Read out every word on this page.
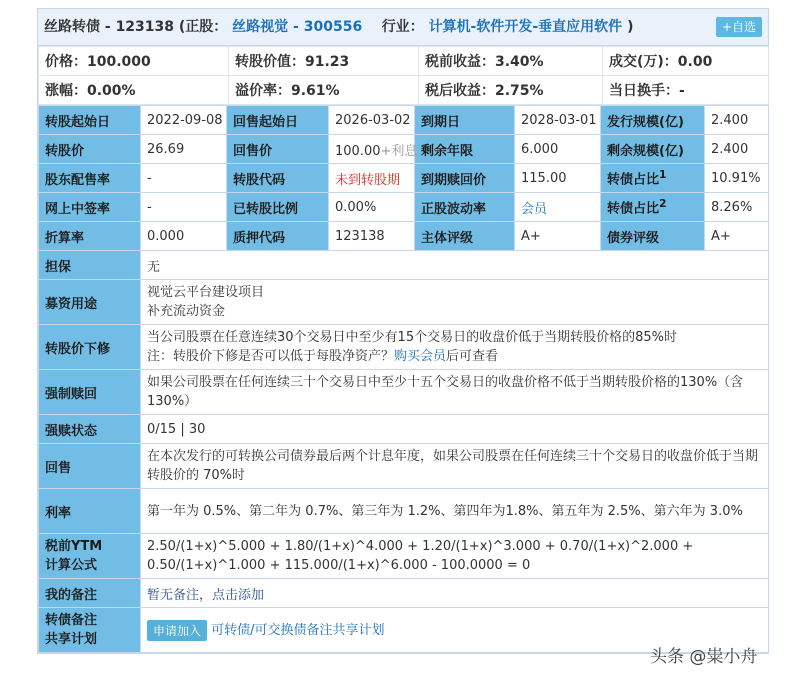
丝路转债 - 123138 (正股： 丝路视觉 - 300556 行业： 计算机-软件开发-垂直应用软件 )	+自选
价格：100.000	转股价值：91.23	税前收益：3.40%	成交(万)：0.00
涨幅：0.00%	溢价率：9.61%	税后收益：2.75%	当日换手：-
转股起始日	2022-09-08	回售起始日	2026-03-02	到期日	2028-03-01	发行规模(亿)	2.400
转股价	26.69	回售价	100.00+利息	剩余年限	6.000	剩余规模(亿)	2.400
股东配售率	-	转股代码	未到转股期	到期赎回价	115.00	转债占比$^1$	10.91%
网上中签率	-	已转股比例	0.00%	正股波动率	会员	转债占比$^2$	8.26%
折算率	0.000	质押代码	123138	主体评级	A+	债券评级	A+
担保	无						
募资用途	视觉云平台建设项目
补充流动资金						

转股价下修	当公司股票在任意连续30个交易日中至少有15个交易日的收盘价低于当期转股价格的85%时
注：转股价下修是否可以低于每股净资产？购买会员后可查看						

强制赎回	如果公司股票在任何连续三十个交易日中至少十五个交易日的收盘价格不低于当期转股价格的130%（含130%）						
强赎状态	0/15 | 30						
回售	在本次发行的可转换公司债券最后两个计息年度，如果公司股票在任何连续三十个交易日的收盘价低于当期转股价的 70%时						
利率	第一年为 0.5%、第二年为 0.7%、第三年为 1.2%、第四年为1.8%、第五年为 2.5%、第六年为 3.0%						

税前YTM
计算公式	2.50/(1+x)^5.000 + 1.80/(1+x)^4.000 + 1.20/(1+x)^3.000 + 0.70/(1+x)^2.000 + 0.50/(1+x)^1.000 + 115.000/(1+x)^6.000 - 100.0000 = 0						
我的备注	暂无备注，点击添加						

转债备注
共享计划	申请加入 可转债/可交换债备注共享计划						
头条 @粜小舟
